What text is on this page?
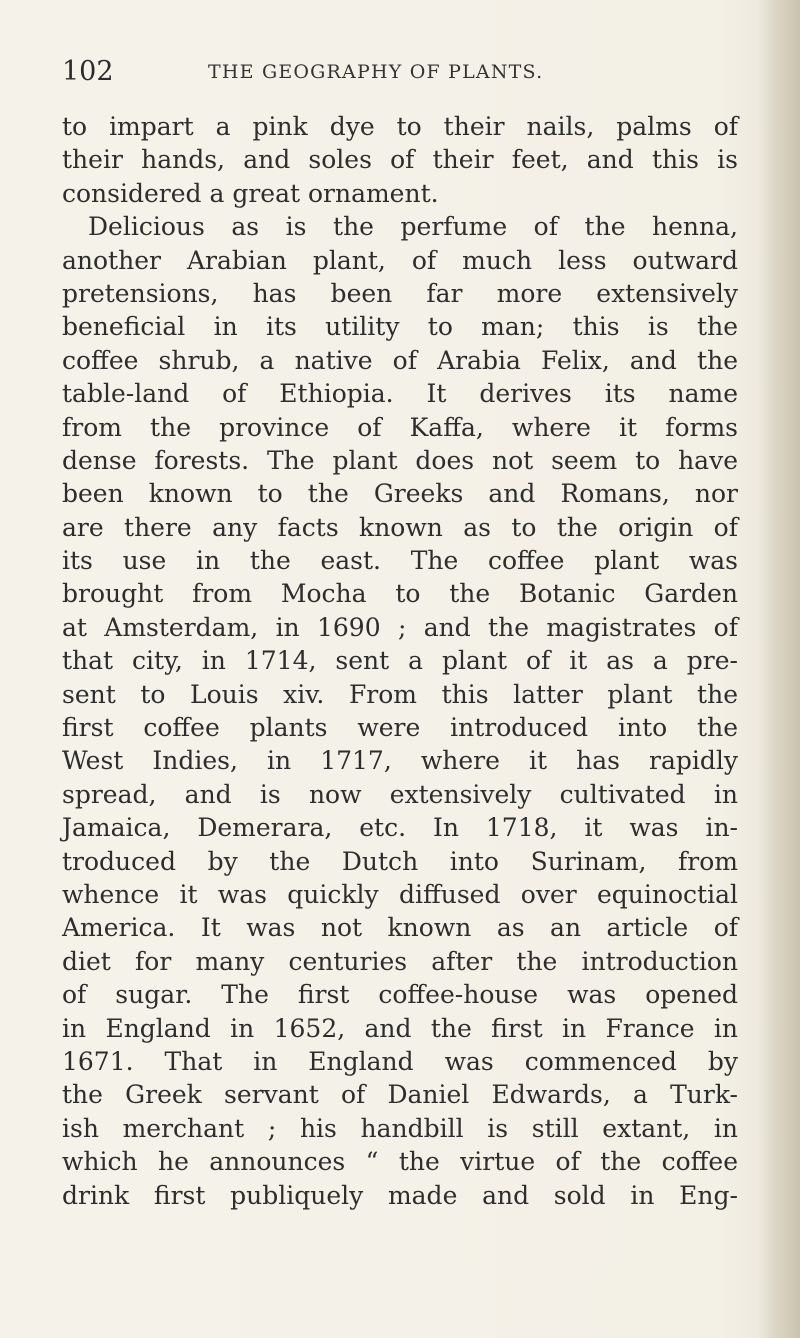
102	THE GEOGRAPHY OF PLANTS.
to impart a pink dye to their nails, palms of
their hands, and soles of their feet, and this is
considered a great ornament.
Delicious as is the perfume of the henna,
another Arabian plant, of much less outward
pretensions, has been far more extensively
beneficial in its utility to man; this is the
coffee shrub, a native of Arabia Felix, and the
table-land of Ethiopia. It derives its name
from the province of Kaffa, where it forms
dense forests. The plant does not seem to have
been known to the Greeks and Romans, nor
are there any facts known as to the origin of
its use in the east. The coffee plant was
brought from Mocha to the Botanic Garden
at Amsterdam, in 1690 ; and the magistrates of
that city, in 1714, sent a plant of it as a pre-
sent to Louis xiv. From this latter plant the
first coffee plants were introduced into the
West Indies, in 1717, where it has rapidly
spread, and is now extensively cultivated in
Jamaica, Demerara, etc. In 1718, it was in-
troduced by the Dutch into Surinam, from
whence it was quickly diffused over equinoctial
America. It was not known as an article of
diet for many centuries after the introduction
of sugar. The first coffee-house was opened
in England in 1652, and the first in France in
1671. That in England was commenced by
the Greek servant of Daniel Edwards, a Turk-
ish merchant ; his handbill is still extant, in
which he announces “ the virtue of the coffee
drink first publiquely made and sold in Eng-
